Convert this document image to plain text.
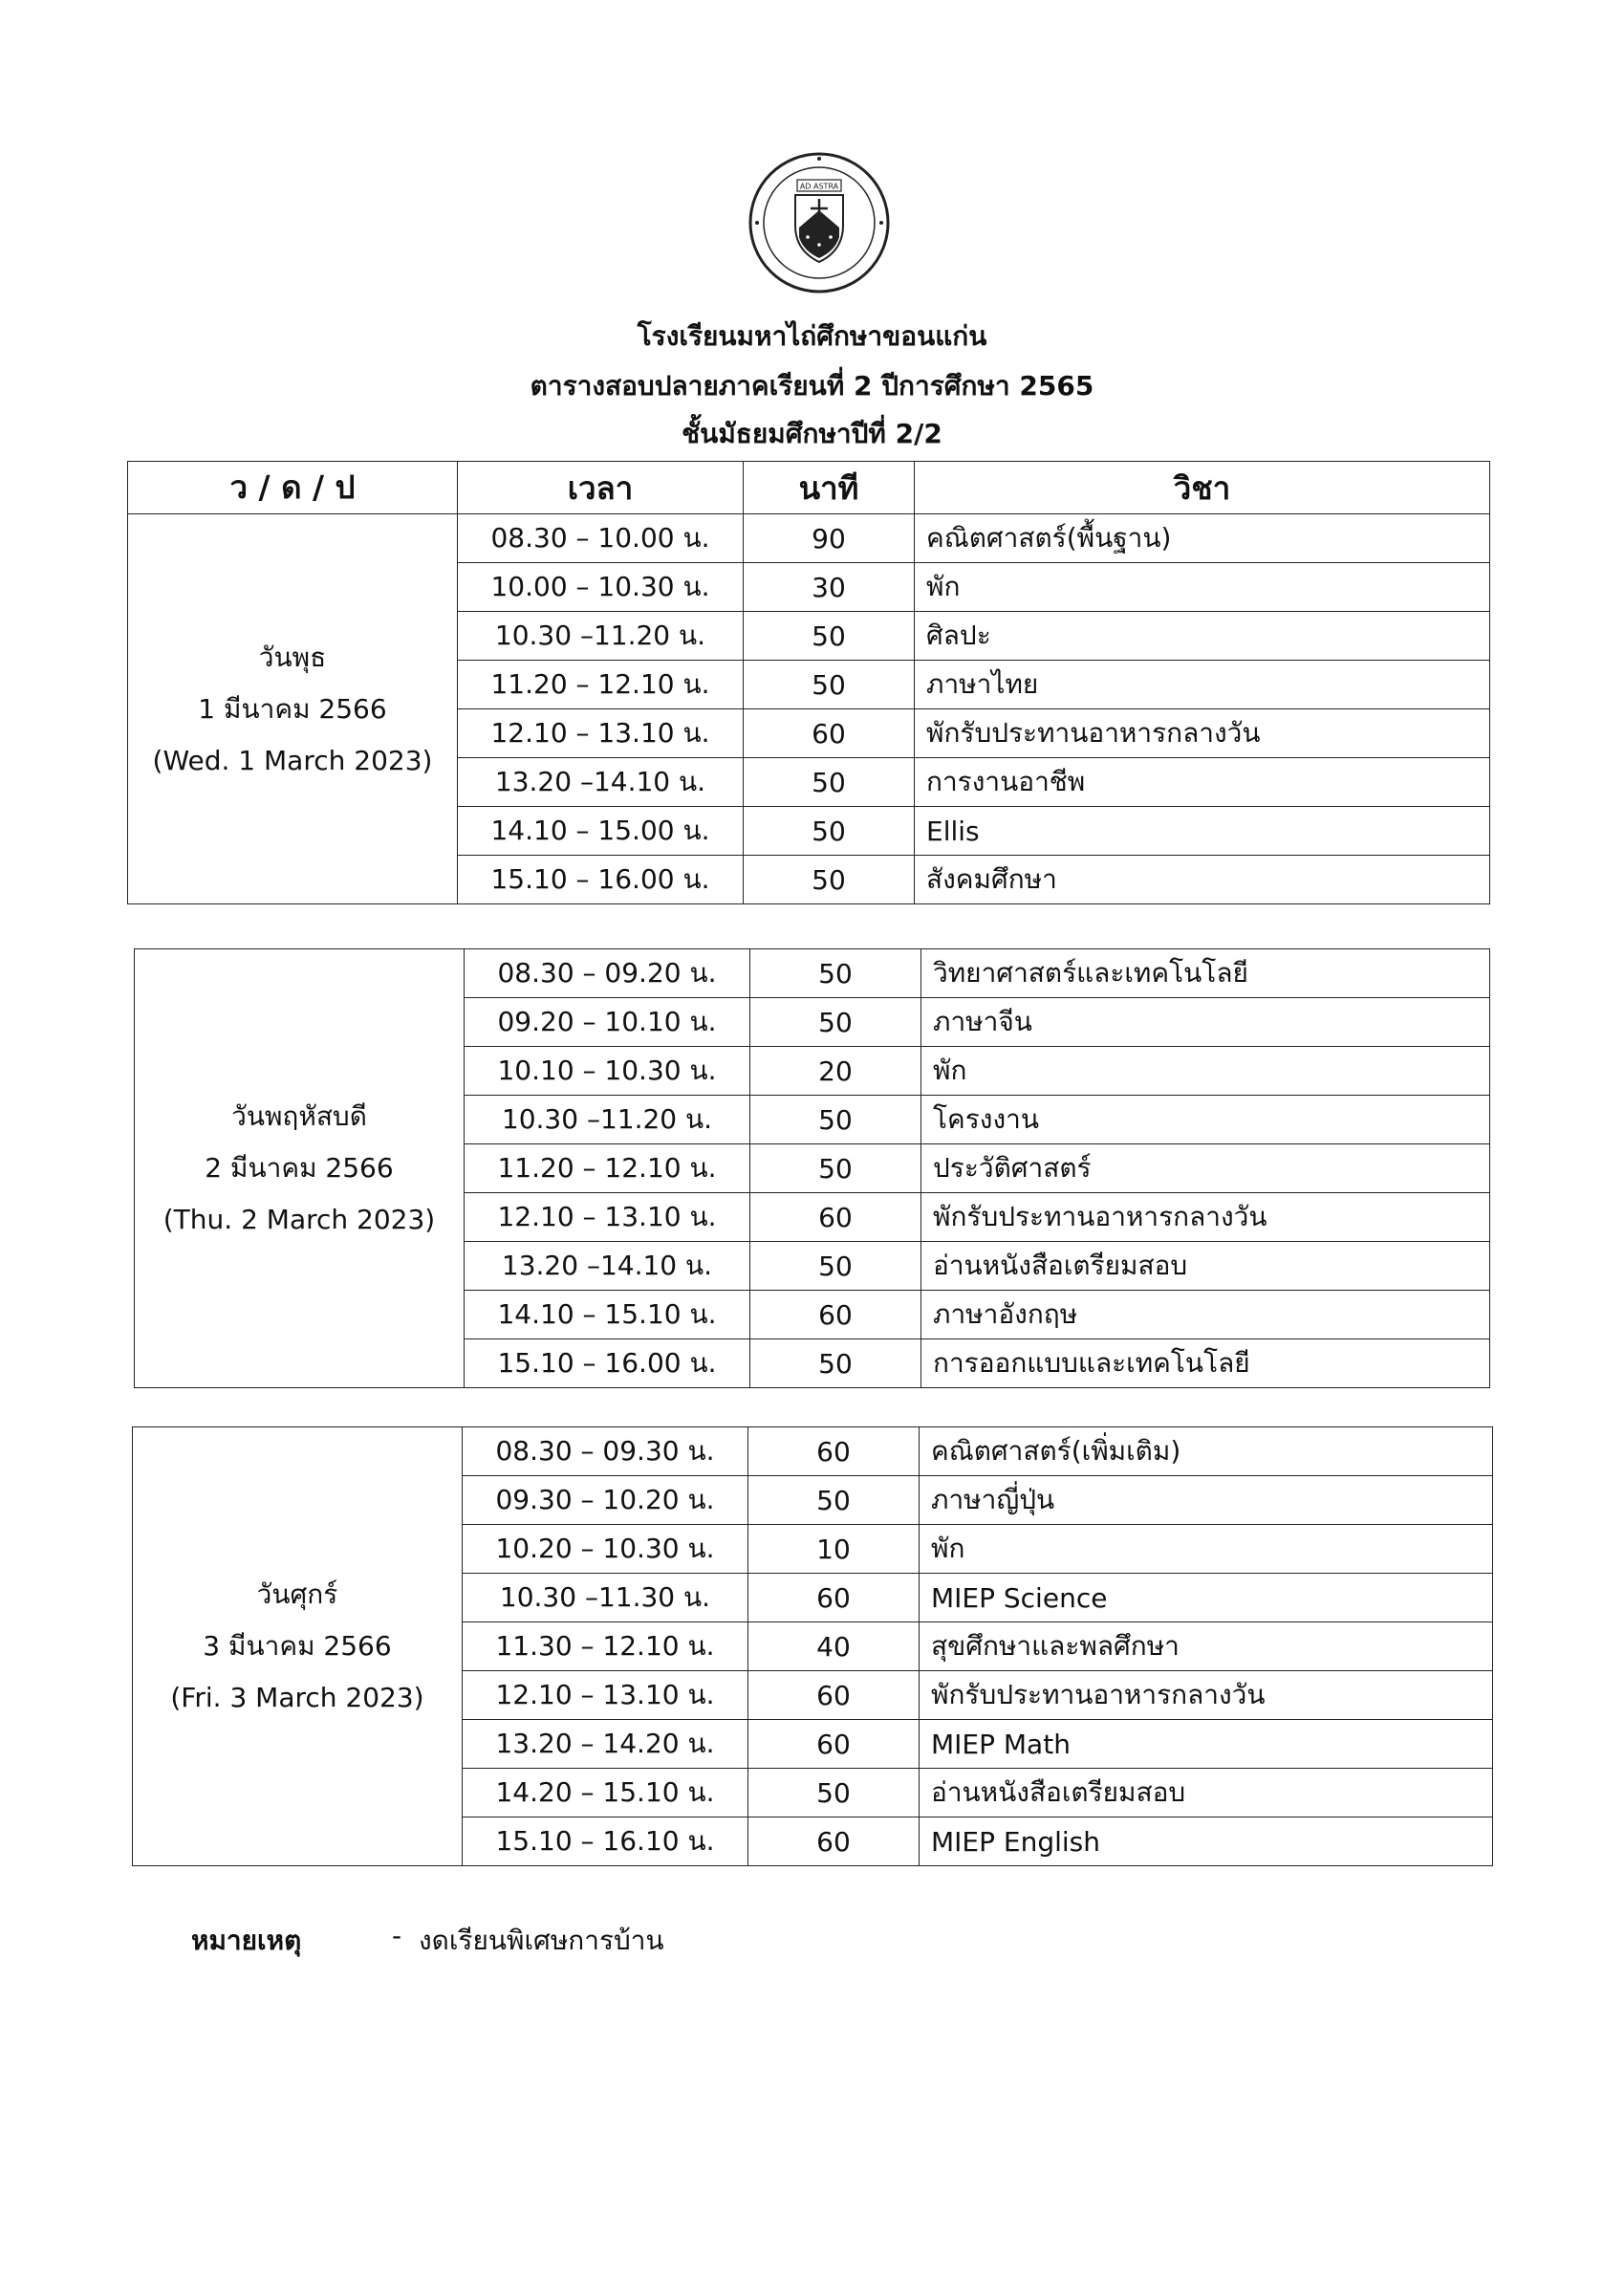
AD ASTRA
โรงเรียนมหาไถ่ศึกษาขอนแก่น
ตารางสอบปลายภาคเรียนที่ 2 ปีการศึกษา 2565
ชั้นมัธยมศึกษาปีที่ 2/2
ว / ด / ป	เวลา	นาที	วิชา

วันพุธ
1 มีนาคม 2566
(Wed. 1 March 2023)	08.30 – 10.00 น.	90	คณิตศาสตร์(พื้นฐาน)
	10.00 – 10.30 น.	30	พัก
	10.30 –11.20 น.	50	ศิลปะ
	11.20 – 12.10 น.	50	ภาษาไทย
	12.10 – 13.10 น.	60	พักรับประทานอาหารกลางวัน
	13.20 –14.10 น.	50	การงานอาชีพ
	14.10 – 15.00 น.	50	Ellis
	15.10 – 16.00 น.	50	สังคมศึกษา
วันพฤหัสบดี
2 มีนาคม 2566
(Thu. 2 March 2023)	08.30 – 09.20 น.	50	วิทยาศาสตร์และเทคโนโลยี
	09.20 – 10.10 น.	50	ภาษาจีน
	10.10 – 10.30 น.	20	พัก
	10.30 –11.20 น.	50	โครงงาน
	11.20 – 12.10 น.	50	ประวัติศาสตร์
	12.10 – 13.10 น.	60	พักรับประทานอาหารกลางวัน
	13.20 –14.10 น.	50	อ่านหนังสือเตรียมสอบ
	14.10 – 15.10 น.	60	ภาษาอังกฤษ
	15.10 – 16.00 น.	50	การออกแบบและเทคโนโลยี
วันศุกร์
3 มีนาคม 2566
(Fri. 3 March 2023)	08.30 – 09.30 น.	60	คณิตศาสตร์(เพิ่มเติม)
	09.30 – 10.20 น.	50	ภาษาญี่ปุ่น
	10.20 – 10.30 น.	10	พัก
	10.30 –11.30 น.	60	MIEP Science
	11.30 – 12.10 น.	40	สุขศึกษาและพลศึกษา
	12.10 – 13.10 น.	60	พักรับประทานอาหารกลางวัน
	13.20 – 14.20 น.	60	MIEP Math
	14.20 – 15.10 น.	50	อ่านหนังสือเตรียมสอบ
	15.10 – 16.10 น.	60	MIEP English
หมายเหตุ	- งดเรียนพิเศษการบ้าน
